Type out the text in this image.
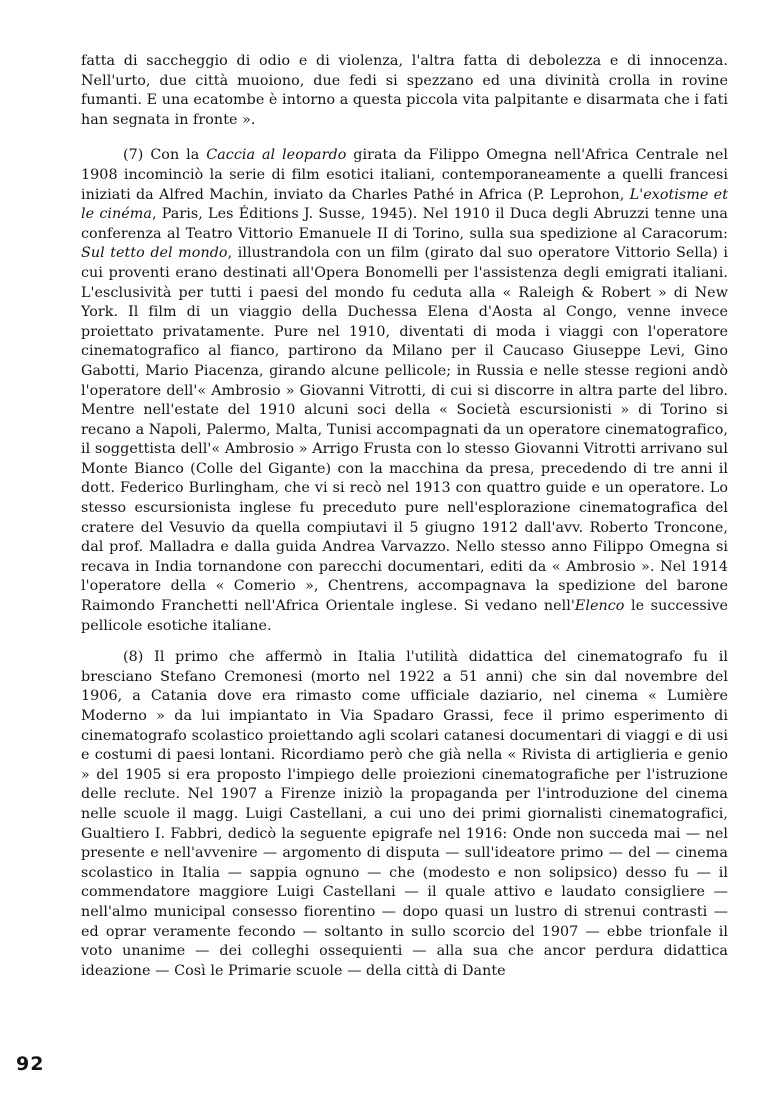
fatta di saccheggio di odio e di violenza, l'altra fatta di debolezza e di innocenza. Nell'urto, due città muoiono, due fedi si spezzano ed una divinità crolla in rovine fumanti. E una ecatombe è intorno a questa piccola vita palpitante e disarmata che i fati han segnata in fronte ».

(7) Con la Caccia al leopardo girata da Filippo Omegna nell'Africa Centrale nel 1908 incominciò la serie di film esotici italiani, contemporaneamente a quelli francesi iniziati da Alfred Machin, inviato da Charles Pathé in Africa (P. Leprohon, L'exotisme et le cinéma, Paris, Les Éditions J. Susse, 1945). Nel 1910 il Duca degli Abruzzi tenne una conferenza al Teatro Vittorio Emanuele II di Torino, sulla sua spedizione al Caracorum: Sul tetto del mondo, illustrandola con un film (girato dal suo operatore Vittorio Sella) i cui proventi erano destinati all'Opera Bonomelli per l'assistenza degli emigrati italiani. L'esclusività per tutti i paesi del mondo fu ceduta alla « Raleigh & Robert » di New York. Il film di un viaggio della Duchessa Elena d'Aosta al Congo, venne invece proiettato privatamente. Pure nel 1910, diventati di moda i viaggi con l'operatore cinematografico al fianco, partirono da Milano per il Caucaso Giuseppe Levi, Gino Gabotti, Mario Piacenza, girando alcune pellicole; in Russia e nelle stesse regioni andò l'operatore dell'« Ambrosio » Giovanni Vitrotti, di cui si discorre in altra parte del libro. Mentre nell'estate del 1910 alcuni soci della « Società escursionisti » di Torino si recano a Napoli, Palermo, Malta, Tunisi accompagnati da un operatore cinematografico, il soggettista dell'« Ambrosio » Arrigo Frusta con lo stesso Giovanni Vitrotti arrivano sul Monte Bianco (Colle del Gigante) con la macchina da presa, precedendo di tre anni il dott. Federico Burlingham, che vi si recò nel 1913 con quattro guide e un operatore. Lo stesso escursionista inglese fu preceduto pure nell'esplorazione cinematografica del cratere del Vesuvio da quella compiutavi il 5 giugno 1912 dall'avv. Roberto Troncone, dal prof. Malladra e dalla guida Andrea Varvazzo. Nello stesso anno Filippo Omegna si recava in India tornandone con parecchi documentari, editi da « Ambrosio ». Nel 1914 l'operatore della « Comerio », Chentrens, accompagnava la spedizione del barone Raimondo Franchetti nell'Africa Orientale inglese. Si vedano nell'Elenco le successive pellicole esotiche italiane.

(8) Il primo che affermò in Italia l'utilità didattica del cinematografo fu il bresciano Stefano Cremonesi (morto nel 1922 a 51 anni) che sin dal novembre del 1906, a Catania dove era rimasto come ufficiale daziario, nel cinema « Lumière Moderno » da lui impiantato in Via Spadaro Grassi, fece il primo esperimento di cinematografo scolastico proiettando agli scolari catanesi documentari di viaggi e di usi e costumi di paesi lontani. Ricordiamo però che già nella « Rivista di artiglieria e genio » del 1905 si era proposto l'impiego delle proiezioni cinematografiche per l'istruzione delle reclute. Nel 1907 a Firenze iniziò la propaganda per l'introduzione del cinema nelle scuole il magg. Luigi Castellani, a cui uno dei primi giornalisti cinematografici, Gualtiero I. Fabbri, dedicò la seguente epigrafe nel 1916: Onde non succeda mai — nel presente e nell'avvenire — argomento di disputa — sull'ideatore primo — del — cinema scolastico in Italia — sappia ognuno — che (modesto e non solipsico) desso fu — il commendatore maggiore Luigi Castellani — il quale attivo e laudato consigliere — nell'almo municipal consesso fiorentino — dopo quasi un lustro di strenui contrasti — ed oprar veramente fecondo — soltanto in sullo scorcio del 1907 — ebbe trionfale il voto unanime — dei colleghi ossequienti — alla sua che ancor perdura didattica ideazione — Così le Primarie scuole — della città di Dante

92
